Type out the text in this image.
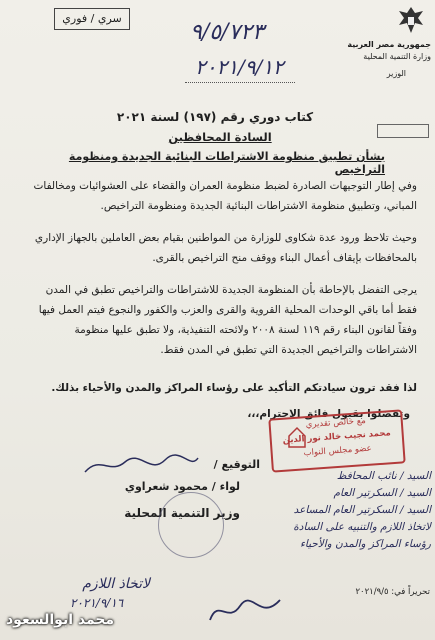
جمهورية مصر العربية
وزارة التنمية المحلية
الوزير
سري / فوري
٩/٥/٧٢٣
٢٠٢١/٩/١٢
كتاب دوري رقم (١٩٧) لسنة ٢٠٢١
السادة المحافظين
بشأن تطبيق منظومة الاشتراطات البنائية الجديدة ومنظومة التراخيص
وفي إطار التوجيهات الصادرة لضبط منظومة العمران والقضاء على العشوائيات ومخالفات المباني، وتطبيق منظومة الاشتراطات البنائية الجديدة ومنظومة التراخيص.
وحيث تلاحظ ورود عدة شكاوى للوزارة من المواطنين بقيام بعض العاملين بالجهاز الإداري بالمحافظات بإيقاف أعمال البناء ووقف منح التراخيص بالقرى.
يرجى التفضل بالإحاطة بأن المنظومة الجديدة للاشتراطات والتراخيص تطبق في المدن فقط أما باقي الوحدات المحلية القروية والقرى والعزب والكفور والنجوع فيتم العمل فيها وفقاً لقانون البناء رقم ١١٩ لسنة ٢٠٠٨ ولائحته التنفيذية، ولا تطبق عليها منظومة الاشتراطات والتراخيص الجديدة التي تطبق في المدن فقط.
لذا فقد ترون سيادتكم التأكيد على رؤساء المراكز والمدن والأحياء بذلك.
وتفضلوا بقبول فائق الاحترام،،،
مع خالص تقديري
محمد نجيب خالد نور الدين
عضو مجلس النواب
التوقيع /
لواء / محمود شعراوي
وزير التنمية المحلية
السيد / نائب المحافظ
السيد / السكرتير العام
السيد / السكرتير العام المساعد
لاتخاذ اللازم والتنبيه على السادة
رؤساء المراكز والمدن والأحياء
لاتخاذ اللازم
٢٠٢١/٩/١٦
تحريراً في: ٢٠٢١/٩/٥
محمد ابوالسعود
